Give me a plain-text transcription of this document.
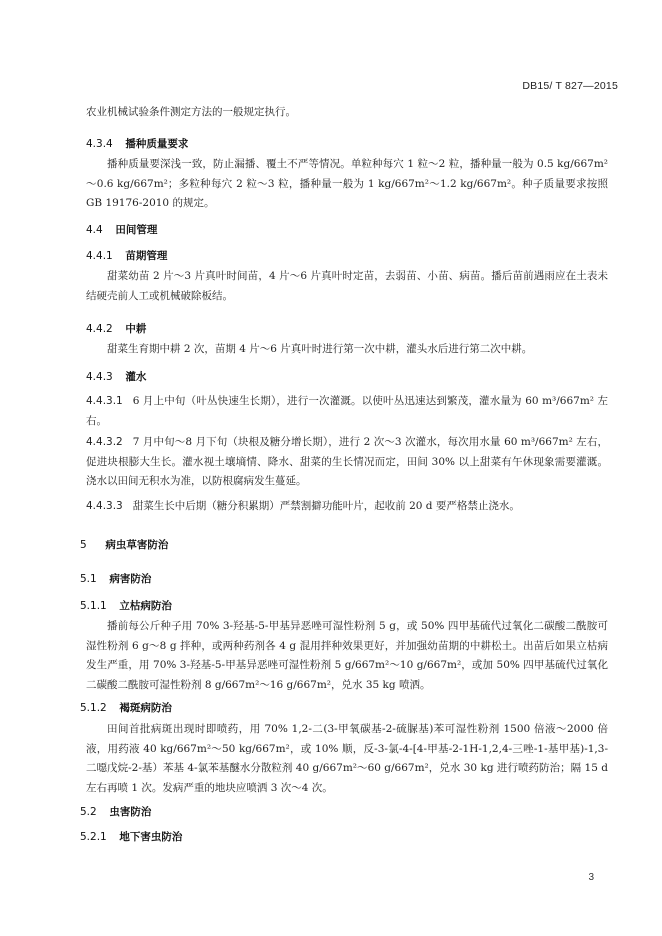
DB15/ T 827—2015

农业机械试验条件测定方法的一般规定执行。

4.3.4 播种质量要求

播种质量要深浅一致，防止漏播、覆土不严等情况。单粒种每穴 1 粒～2 粒，播种量一般为 0.5 kg/667m²～0.6 kg/667m²；多粒种每穴 2 粒～3 粒，播种量一般为 1 kg/667m²～1.2 kg/667m²。种子质量要求按照 GB 19176-2010 的规定。

4.4 田间管理
4.4.1 苗期管理

甜菜幼苗 2 片～3 片真叶时间苗，4 片～6 片真叶时定苗，去弱苗、小苗、病苗。播后苗前遇雨应在土表未结硬壳前人工或机械破除板结。

4.4.2 中耕

甜菜生育期中耕 2 次，苗期 4 片～6 片真叶时进行第一次中耕，灌头水后进行第二次中耕。

4.4.3 灌水

4.4.3.1 6 月上中旬（叶丛快速生长期），进行一次灌溉。以使叶丛迅速达到繁茂，灌水量为 60 m³/667m² 左右。

4.4.3.2 7 月中旬～8 月下旬（块根及糖分增长期），进行 2 次～3 次灌水，每次用水量 60 m³/667m² 左右，促进块根膨大生长。灌水视土壤墒情、降水、甜菜的生长情况而定，田间 30% 以上甜菜有午休现象需要灌溉。浇水以田间无积水为准，以防根腐病发生蔓延。

4.4.3.3 甜菜生长中后期（糖分积累期）严禁割擗功能叶片，起收前 20 d 要严格禁止浇水。

5 病虫草害防治
5.1 病害防治
5.1.1 立枯病防治

播前每公斤种子用 70% 3-羟基-5-甲基异恶唑可湿性粉剂 5 g，或 50% 四甲基硫代过氧化二碳酸二酰胺可湿性粉剂 6 g～8 g 拌种，或两种药剂各 4 g 混用拌种效果更好，并加强幼苗期的中耕松土。出苗后如果立枯病发生严重，用 70% 3-羟基-5-甲基异恶唑可湿性粉剂 5 g/667m²～10 g/667m²，或加 50% 四甲基硫代过氧化二碳酸二酰胺可湿性粉剂 8 g/667m²～16 g/667m²，兑水 35 kg 喷洒。

5.1.2 褐斑病防治

田间首批病斑出现时即喷药，用 70% 1,2-二(3-甲氧碳基-2-硫脲基)苯可湿性粉剂 1500 倍液～2000 倍液，用药液 40 kg/667m²～50 kg/667m²，或 10% 顺，反-3-氯-4-[4-甲基-2-1H-1,2,4-三唑-1-基甲基)-1,3-二噁戊烷-2-基）苯基 4-氯苯基醚水分散粒剂 40 g/667m²～60 g/667m²，兑水 30 kg 进行喷药防治；隔 15 d 左右再喷 1 次。发病严重的地块应喷洒 3 次～4 次。

5.2 虫害防治
5.2.1 地下害虫防治
3
